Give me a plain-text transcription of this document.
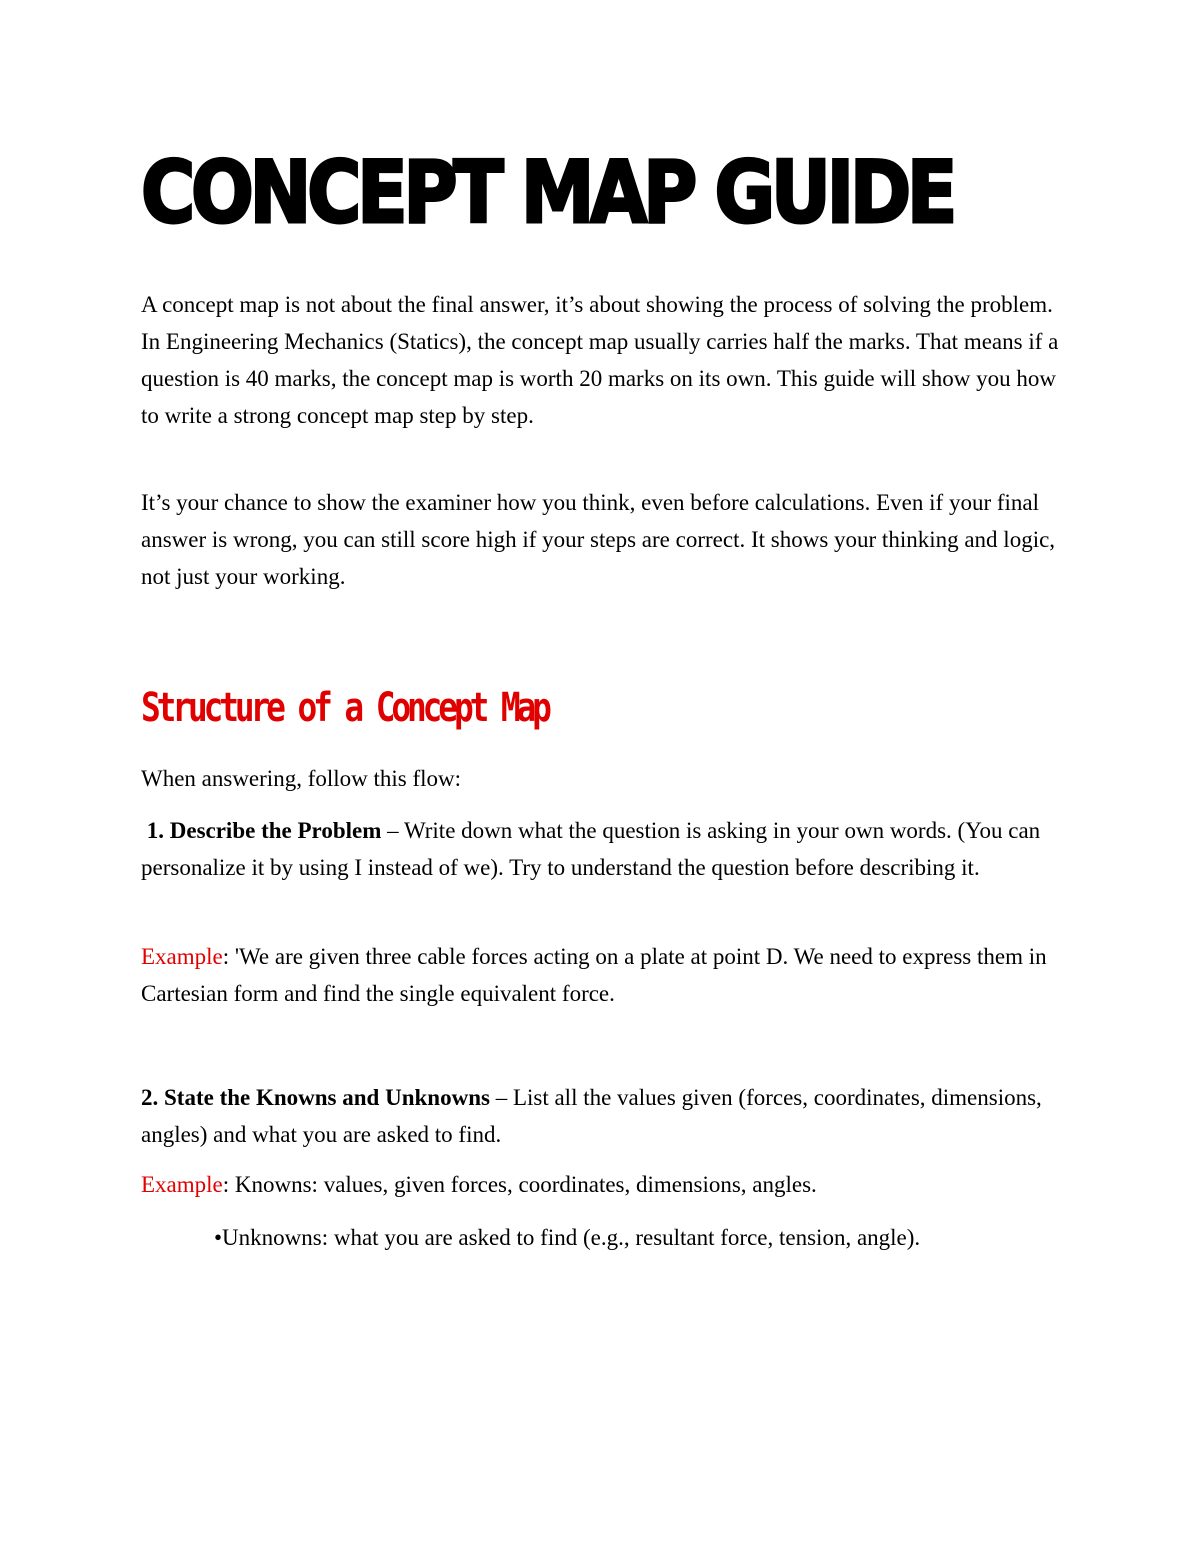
CONCEPT MAP GUIDE

A concept map is not about the final answer, it’s about showing the process of solving the problem. In Engineering Mechanics (Statics), the concept map usually carries half the marks. That means if a question is 40 marks, the concept map is worth 20 marks on its own. This guide will show you how to write a strong concept map step by step.

It’s your chance to show the examiner how you think, even before calculations. Even if your final answer is wrong, you can still score high if your steps are correct. It shows your thinking and logic, not just your working.

Structure of a Concept Map

When answering, follow this flow:

1. Describe the Problem – Write down what the question is asking in your own words. (You can personalize it by using I instead of we). Try to understand the question before describing it.

Example: 'We are given three cable forces acting on a plate at point D. We need to express them in Cartesian form and find the single equivalent force.

2. State the Knowns and Unknowns – List all the values given (forces, coordinates, dimensions, angles) and what you are asked to find.

Example: Knowns: values, given forces, coordinates, dimensions, angles.

•Unknowns: what you are asked to find (e.g., resultant force, tension, angle).
